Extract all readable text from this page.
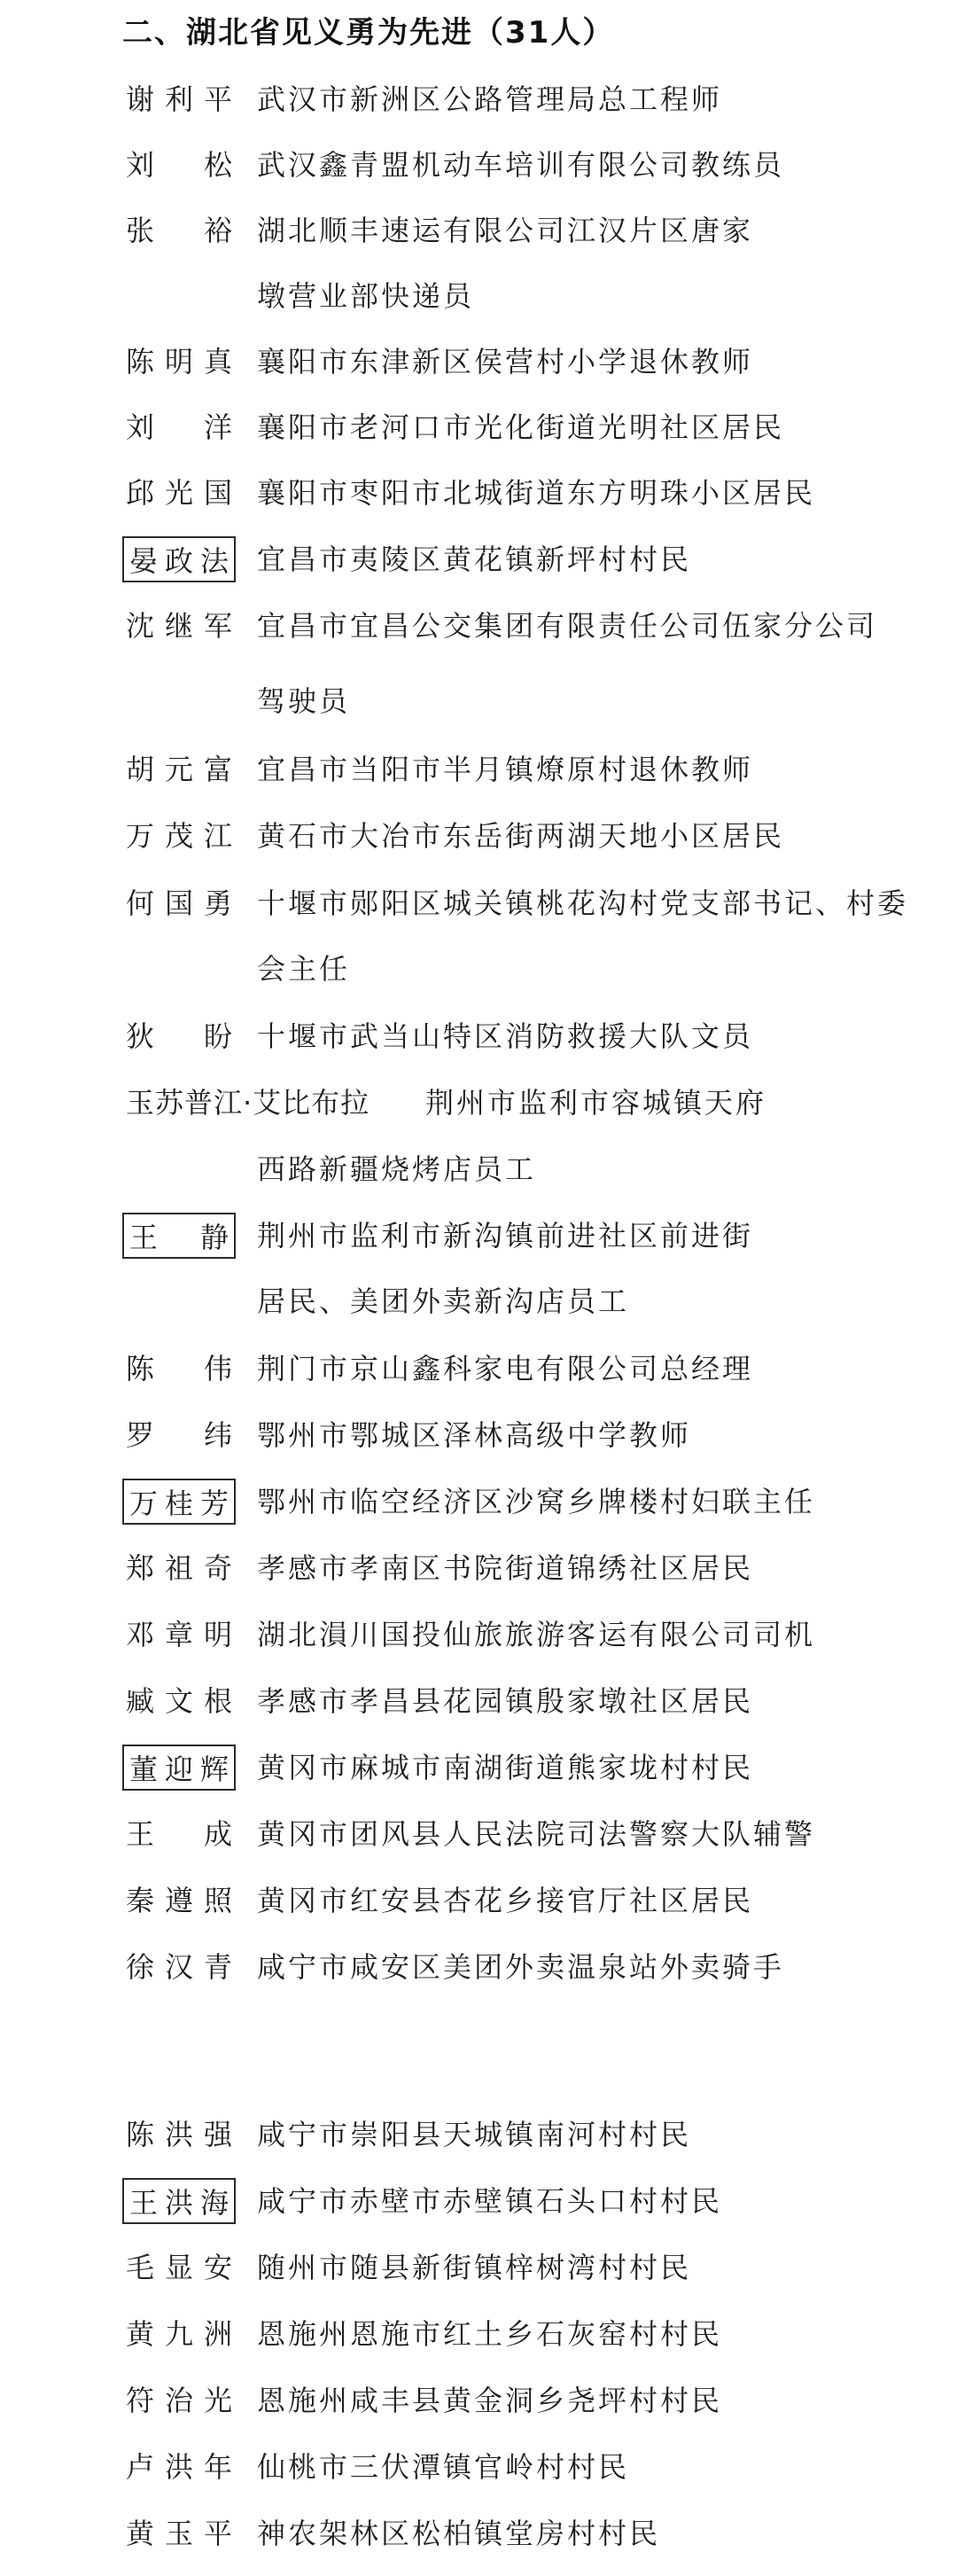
二、湖北省见义勇为先进（31人）
谢 利 平 武汉市新洲区公路管理局总工程师
刘 松 武汉鑫青盟机动车培训有限公司教练员
张 裕 湖北顺丰速运有限公司江汉片区唐家
墩营业部快递员
陈 明 真 襄阳市东津新区侯营村小学退休教师
刘 洋 襄阳市老河口市光化街道光明社区居民
邱 光 国 襄阳市枣阳市北城街道东方明珠小区居民
晏 政 法 宜昌市夷陵区黄花镇新坪村村民
沈 继 军 宜昌市宜昌公交集团有限责任公司伍家分公司
驾驶员
胡 元 富 宜昌市当阳市半月镇燎原村退休教师
万 茂 江 黄石市大冶市东岳街两湖天地小区居民
何 国 勇 十堰市郧阳区城关镇桃花沟村党支部书记、村委
会主任
狄 盼 十堰市武当山特区消防救援大队文员
玉苏普江·艾比布拉 荆州市监利市容城镇天府
西路新疆烧烤店员工
王 静 荆州市监利市新沟镇前进社区前进街
居民、美团外卖新沟店员工
陈 伟 荆门市京山鑫科家电有限公司总经理
罗 纬 鄂州市鄂城区泽林高级中学教师
万 桂 芳 鄂州市临空经济区沙窝乡牌楼村妇联主任
郑 祖 奇 孝感市孝南区书院街道锦绣社区居民
邓 章 明 湖北溳川国投仙旅旅游客运有限公司司机
臧 文 根 孝感市孝昌县花园镇殷家墩社区居民
董 迎 辉 黄冈市麻城市南湖街道熊家垅村村民
王 成 黄冈市团风县人民法院司法警察大队辅警
秦 遵 照 黄冈市红安县杏花乡接官厅社区居民
徐 汉 青 咸宁市咸安区美团外卖温泉站外卖骑手
陈 洪 强 咸宁市崇阳县天城镇南河村村民
王 洪 海 咸宁市赤壁市赤壁镇石头口村村民
毛 显 安 随州市随县新街镇梓树湾村村民
黄 九 洲 恩施州恩施市红土乡石灰窑村村民
符 治 光 恩施州咸丰县黄金洞乡尧坪村村民
卢 洪 年 仙桃市三伏潭镇官岭村村民
黄 玉 平 神农架林区松柏镇堂房村村民
